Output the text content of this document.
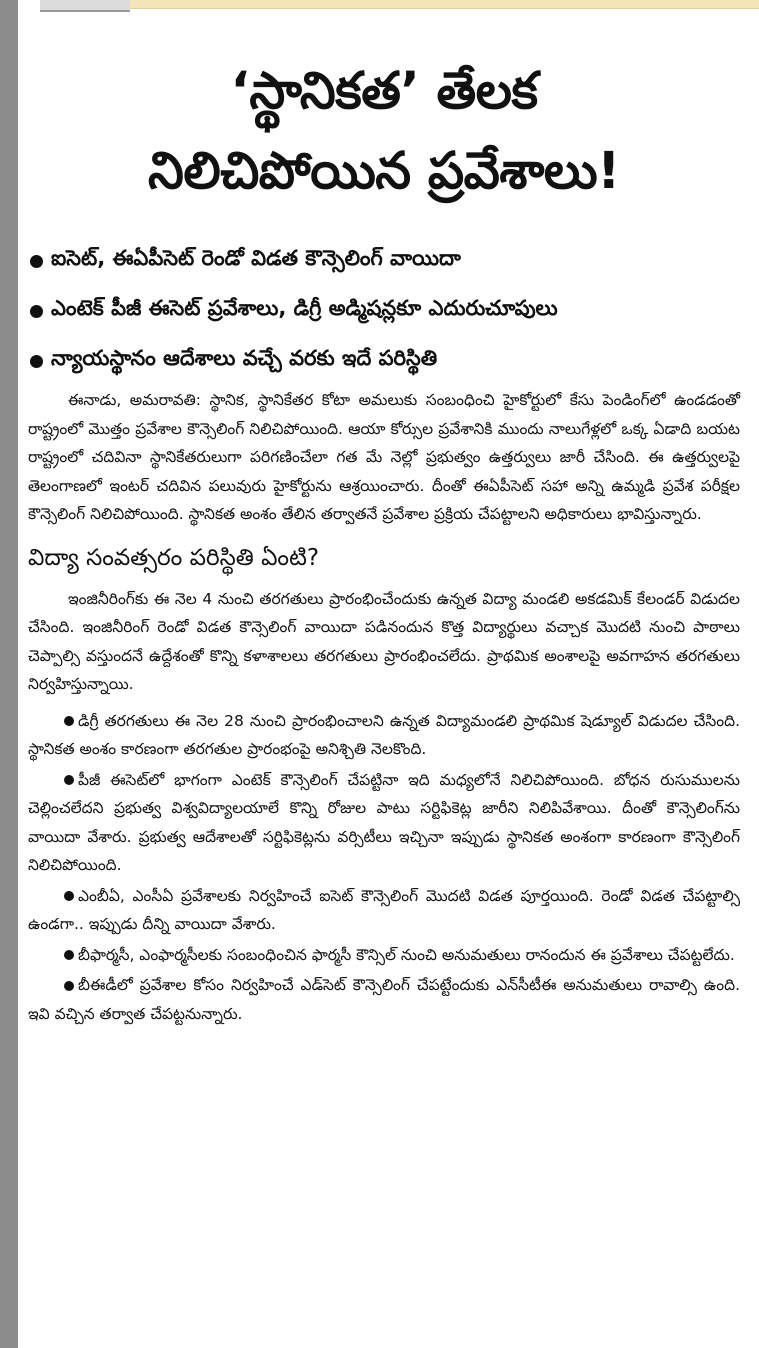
‘స్థానికత’ తేలక
నిలిచిపోయిన ప్రవేశాలు!
ఐసెట్‌, ఈఏపీసెట్‌ రెండో విడత కౌన్సెలింగ్‌ వాయిదా
ఎంటెక్‌ పీజీ ఈసెట్‌ ప్రవేశాలు, డిగ్రీ అడ్మిషన్లకూ ఎదురుచూపులు
న్యాయస్థానం ఆదేశాలు వచ్చే వరకు ఇదే పరిస్థితి

ఈనాడు, అమరావతి: స్థానిక, స్థానికేతర కోటా అమలుకు సంబంధించి హైకోర్టులో కేసు పెండింగ్‌లో ఉండడంతో రాష్ట్రంలో మొత్తం ప్రవేశాల కౌన్సెలింగ్‌ నిలిచిపోయింది. ఆయా కోర్సుల ప్రవేశానికి ముందు నాలుగేళ్లలో ఒక్క ఏడాది బయట రాష్ట్రంలో చదివినా స్థానికేతరులుగా పరిగణించేలా గత మే నెల్లో ప్రభుత్వం ఉత్తర్వులు జారీ చేసింది. ఈ ఉత్తర్వులపై తెలంగాణలో ఇంటర్‌ చదివిన పలువురు హైకోర్టును ఆశ్రయించారు. దీంతో ఈఏపీసెట్‌ సహా అన్ని ఉమ్మడి ప్రవేశ పరీక్షల కౌన్సెలింగ్‌ నిలిచిపోయింది. స్థానికత అంశం తేలిన తర్వాతనే ప్రవేశాల ప్రక్రియ చేపట్టాలని అధికారులు భావిస్తున్నారు.

విద్యా సంవత్సరం పరిస్థితి ఏంటి?

ఇంజినీరింగ్‌కు ఈ నెల 4 నుంచి తరగతులు ప్రారంభించేందుకు ఉన్నత విద్యా మండలి అకడమిక్‌ కేలండర్‌ విడుదల చేసింది. ఇంజినీరింగ్‌ రెండో విడత కౌన్సెలింగ్‌ వాయిదా పడినందున కొత్త విద్యార్థులు వచ్చాక మొదటి నుంచి పాఠాలు చెప్పాల్సి వస్తుందనే ఉద్దేశంతో కొన్ని కళాశాలలు తరగతులు ప్రారంభించలేదు. ప్రాథమిక అంశాలపై అవగాహన తరగతులు నిర్వహిస్తున్నాయి.

డిగ్రీ తరగతులు ఈ నెల 28 నుంచి ప్రారంభించాలని ఉన్నత విద్యామండలి ప్రాథమిక షెడ్యూల్‌ విడుదల చేసింది. స్థానికత అంశం కారణంగా తరగతుల ప్రారంభంపై అనిశ్చితి నెలకొంది.

పీజీ ఈసెట్‌లో భాగంగా ఎంటెక్‌ కౌన్సెలింగ్‌ చేపట్టినా ఇది మధ్యలోనే నిలిచిపోయింది. బోధన రుసుములను చెల్లించలేదని ప్రభుత్వ విశ్వవిద్యాలయాలే కొన్ని రోజుల పాటు సర్టిఫికెట్ల జారీని నిలిపివేశాయి. దీంతో కౌన్సెలింగ్‌ను వాయిదా వేశారు. ప్రభుత్వ ఆదేశాలతో సర్టిఫికెట్లను వర్సిటీలు ఇచ్చినా ఇప్పుడు స్థానికత అంశంగా కారణంగా కౌన్సెలింగ్‌ నిలిచిపోయింది.

ఎంబీఏ, ఎంసీఏ ప్రవేశాలకు నిర్వహించే ఐసెట్‌ కౌన్సెలింగ్‌ మొదటి విడత పూర్తయింది. రెండో విడత చేపట్టాల్సి ఉండగా.. ఇప్పుడు దీన్ని వాయిదా వేశారు.

బీఫార్మసీ, ఎంఫార్మసీలకు సంబంధించిన ఫార్మసీ కౌన్సిల్‌ నుంచి అనుమతులు రానందున ఈ ప్రవేశాలు చేపట్టలేదు.

బీఈడీలో ప్రవేశాల కోసం నిర్వహించే ఎడ్‌సెట్‌ కౌన్సెలింగ్‌ చేపట్టేందుకు ఎన్‌సీటీఈ అనుమతులు రావాల్సి ఉంది. ఇవి వచ్చిన తర్వాత చేపట్టనున్నారు.
